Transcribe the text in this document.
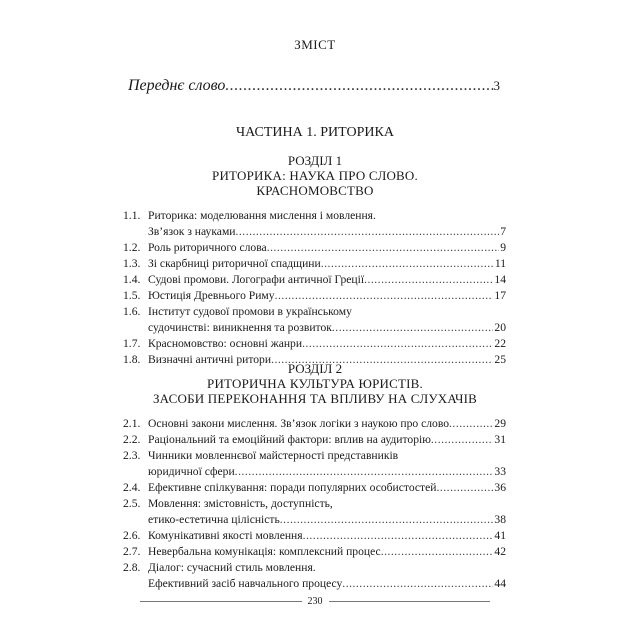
ЗМІСТ
Переднє слово .....	3
ЧАСТИНА 1. РИТОРИКА
РОЗДІЛ 1
РИТОРИКА: НАУКА ПРО СЛОВО.
КРАСНОМОВСТВО
1.1. Риторика: моделювання мислення і мовлення.
Зв’язок з науками .....	7
1.2. Роль риторичного слова .....	9
1.3. Зі скарбниці риторичної спадщини .....	11
1.4. Судові промови. Логографи античної Греції .....	14
1.5. Юстиція Древнього Риму .....	17
1.6. Інститут судової промови в українському
судочинстві: виникнення та розвиток .....	20
1.7. Красномовство: основні жанри .....	22
1.8. Визначні античні ритори .....	25
РОЗДІЛ 2
РИТОРИЧНА КУЛЬТУРА ЮРИСТІВ.
ЗАСОБИ ПЕРЕКОНАННЯ ТА ВПЛИВУ НА СЛУХАЧІВ
2.1. Основні закони мислення. Зв’язок логіки з наукою про слово .....	29
2.2. Раціональний та емоційний фактори: вплив на аудиторію .....	31
2.3. Чинники мовленнєвої майстерності представників
юридичної сфери .....	33
2.4. Ефективне спілкування: поради популярних особистостей .....	36
2.5. Мовлення: змістовність, доступність,
етико-естетична цілісність .....	38
2.6. Комунікативні якості мовлення .....	41
2.7. Невербальна комунікація: комплексний процес .....	42
2.8. Діалог: сучасний стиль мовлення.
Ефективний засіб навчального процесу .....	44
230
